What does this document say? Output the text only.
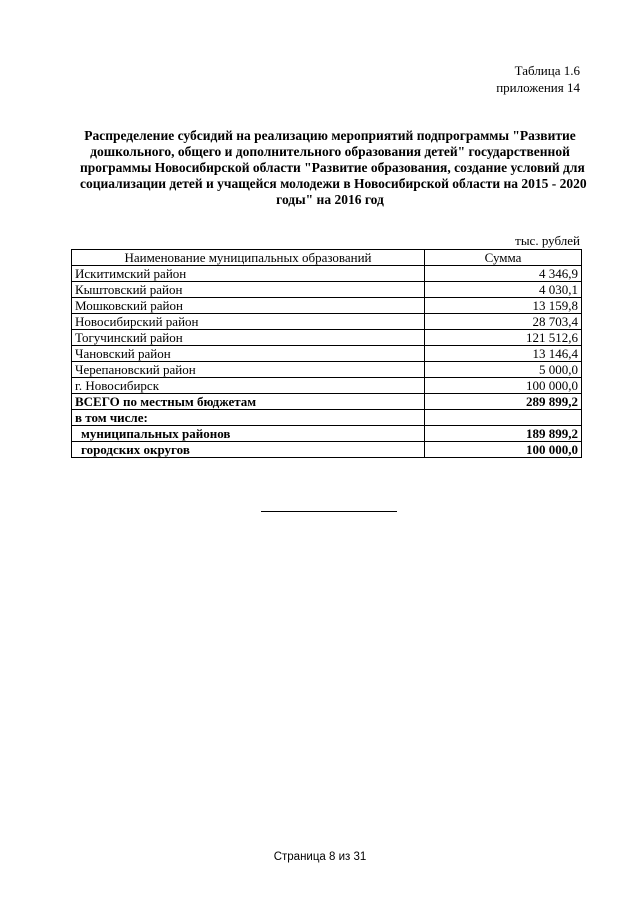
Таблица 1.6
приложения 14
Распределение субсидий на реализацию мероприятий подпрограммы "Развитие
дошкольного, общего и дополнительного образования детей" государственной
программы Новосибирской области "Развитие образования, создание условий для
социализации детей и учащейся молодежи в Новосибирской области на 2015 - 2020
годы" на 2016 год
тыс. рублей
Наименование муниципальных образований	Сумма
Искитимский район	4 346,9
Кыштовский район	4 030,1
Мошковский район	13 159,8
Новосибирский район	28 703,4
Тогучинский район	121 512,6
Чановский район	13 146,4
Черепановский район	5 000,0
г. Новосибирск	100 000,0
ВСЕГО по местным бюджетам	289 899,2
в том числе:	
муниципальных районов	189 899,2
городских округов	100 000,0
Страница 8 из 31
